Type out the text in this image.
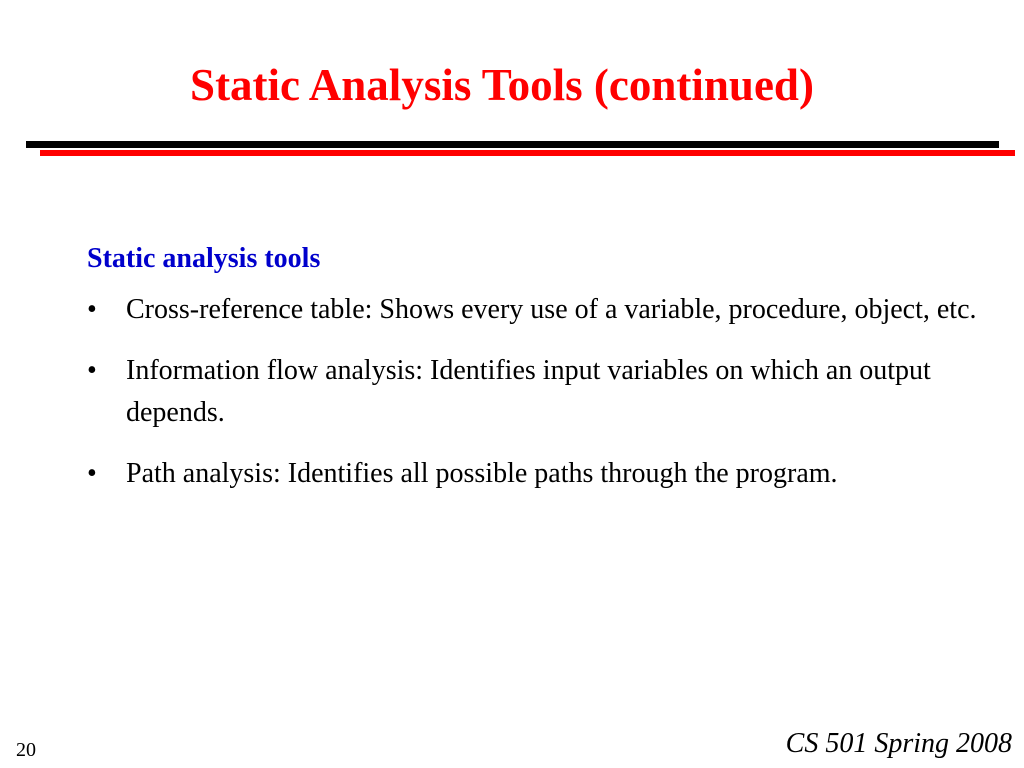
Static Analysis Tools (continued)
Static analysis tools
• Cross-reference table: Shows every use of a variable, procedure, object, etc.
• Information flow analysis: Identifies input variables on which an output depends.
• Path analysis: Identifies all possible paths through the program.
20	CS 501 Spring 2008
